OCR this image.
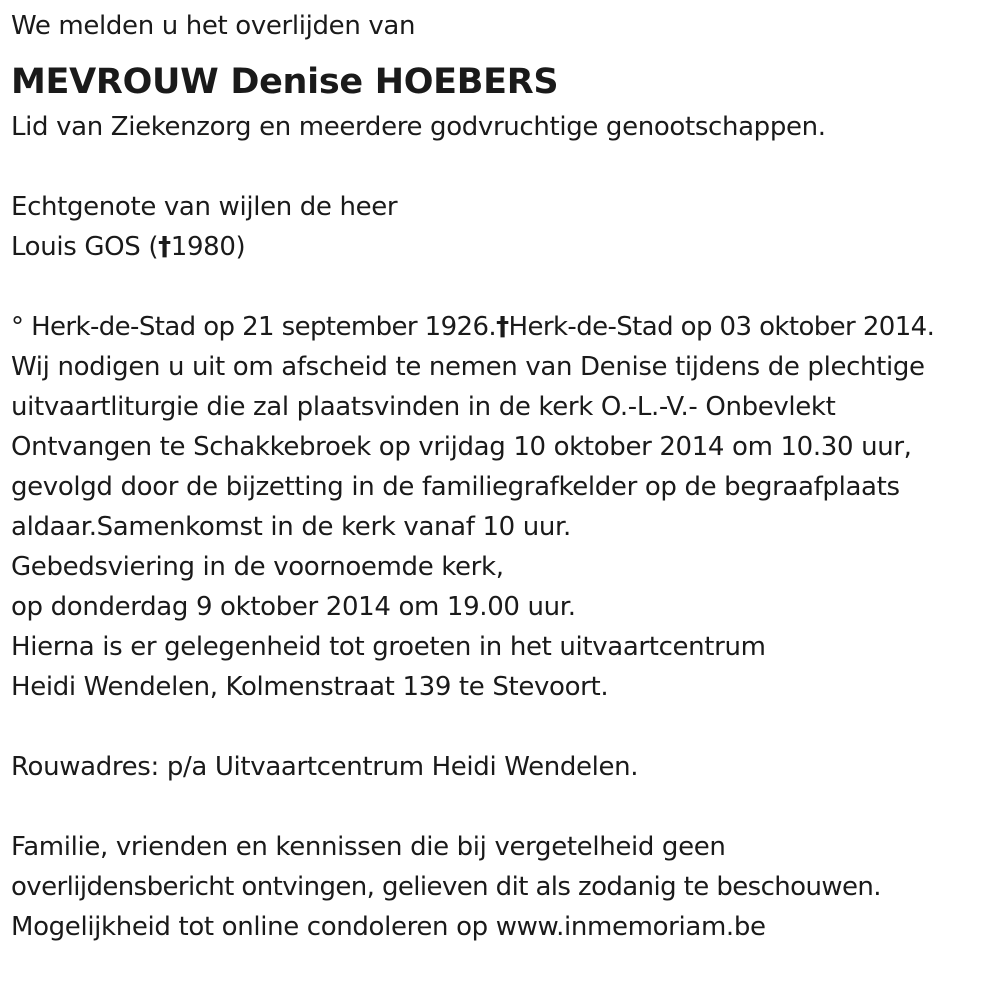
We melden u het overlijden van
MEVROUW Denise HOEBERS
Lid van Ziekenzorg en meerdere godvruchtige genootschappen.
Echtgenote van wijlen de heer
Louis GOS (†1980)
° Herk-de-Stad op 21 september 1926.†Herk-de-Stad op 03 oktober 2014.
Wij nodigen u uit om afscheid te nemen van Denise tijdens de plechtige
uitvaartliturgie die zal plaatsvinden in de kerk O.-L.-V.- Onbevlekt
Ontvangen te Schakkebroek op vrijdag 10 oktober 2014 om 10.30 uur,
gevolgd door de bijzetting in de familiegrafkelder op de begraafplaats
aldaar.Samenkomst in de kerk vanaf 10 uur.
Gebedsviering in de voornoemde kerk,
op donderdag 9 oktober 2014 om 19.00 uur.
Hierna is er gelegenheid tot groeten in het uitvaartcentrum
Heidi Wendelen, Kolmenstraat 139 te Stevoort.
Rouwadres: p/a Uitvaartcentrum Heidi Wendelen.
Familie, vrienden en kennissen die bij vergetelheid geen
overlijdensbericht ontvingen, gelieven dit als zodanig te beschouwen.
Mogelijkheid tot online condoleren op www.inmemoriam.be
